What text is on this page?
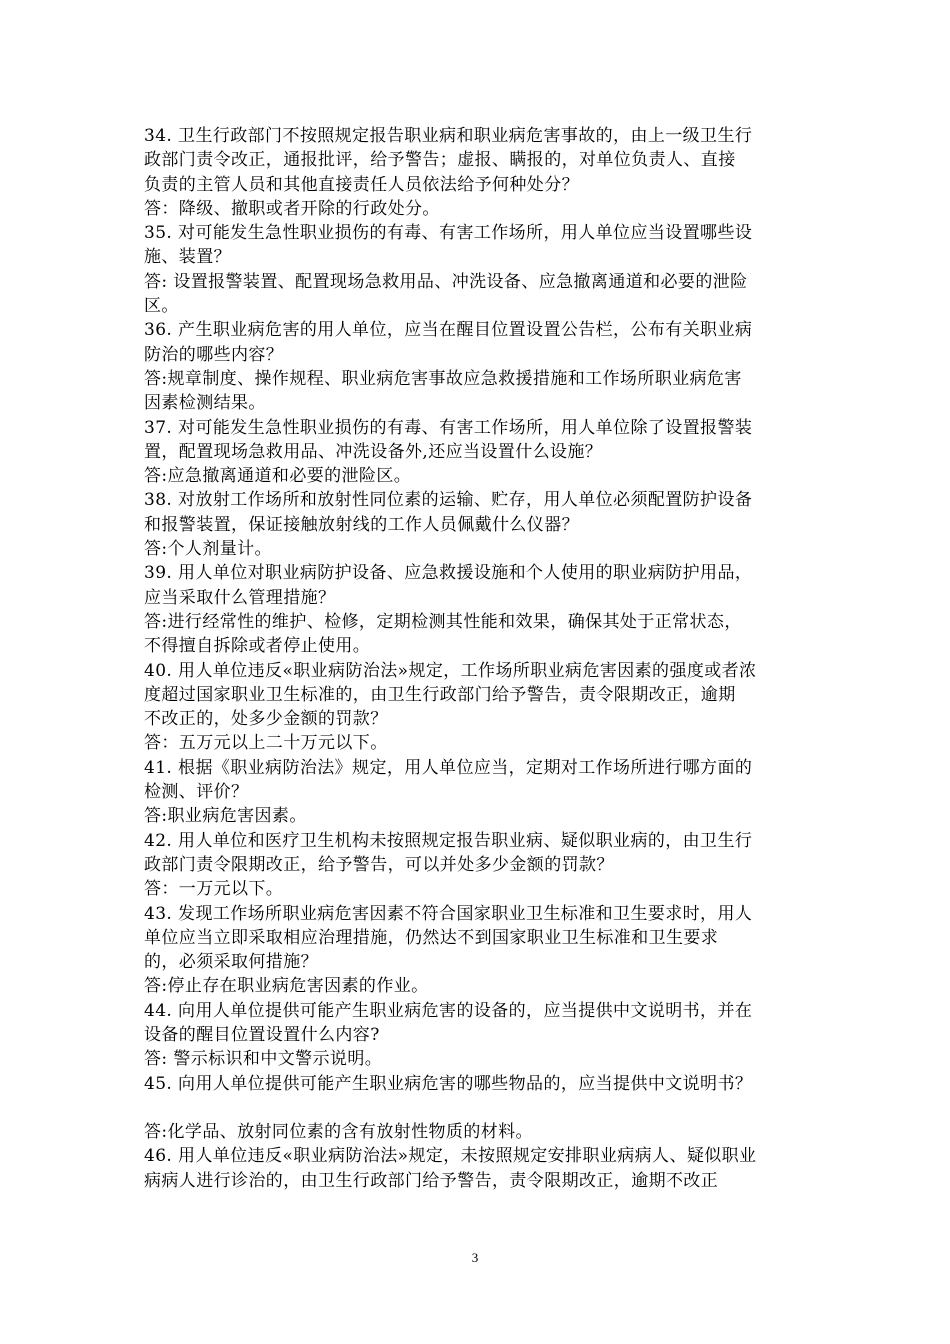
34. 卫生行政部门不按照规定报告职业病和职业病危害事故的，由上一级卫生行
政部门责令改正，通报批评，给予警告；虚报、瞒报的，对单位负责人、直接
负责的主管人员和其他直接责任人员依法给予何种处分？
答：降级、撤职或者开除的行政处分。
35. 对可能发生急性职业损伤的有毒、有害工作场所，用人单位应当设置哪些设
施、装置？
答: 设置报警装置、配置现场急救用品、冲洗设备、应急撤离通道和必要的泄险
区。
36. 产生职业病危害的用人单位，应当在醒目位置设置公告栏，公布有关职业病
防治的哪些内容？
答:规章制度、操作规程、职业病危害事故应急救援措施和工作场所职业病危害
因素检测结果。
37. 对可能发生急性职业损伤的有毒、有害工作场所，用人单位除了设置报警装
置，配置现场急救用品、冲洗设备外,还应当设置什么设施？
答:应急撤离通道和必要的泄险区。
38. 对放射工作场所和放射性同位素的运输、贮存，用人单位必须配置防护设备
和报警装置，保证接触放射线的工作人员佩戴什么仪器？
答:个人剂量计。
39. 用人单位对职业病防护设备、应急救援设施和个人使用的职业病防护用品，
应当采取什么管理措施？
答:进行经常性的维护、检修，定期检测其性能和效果，确保其处于正常状态，
不得擅自拆除或者停止使用。
40. 用人单位违反«职业病防治法»规定，工作场所职业病危害因素的强度或者浓
度超过国家职业卫生标准的，由卫生行政部门给予警告，责令限期改正，逾期
不改正的，处多少金额的罚款？
答：五万元以上二十万元以下。
41. 根据《职业病防治法》规定，用人单位应当，定期对工作场所进行哪方面的
检测、评价？
答:职业病危害因素。
42. 用人单位和医疗卫生机构未按照规定报告职业病、疑似职业病的，由卫生行
政部门责令限期改正，给予警告，可以并处多少金额的罚款？
答：一万元以下。
43. 发现工作场所职业病危害因素不符合国家职业卫生标准和卫生要求时，用人
单位应当立即采取相应治理措施，仍然达不到国家职业卫生标准和卫生要求
的，必须采取何措施？
答:停止存在职业病危害因素的作业。
44. 向用人单位提供可能产生职业病危害的设备的，应当提供中文说明书，并在
设备的醒目位置设置什么内容?
答: 警示标识和中文警示说明。
45. 向用人单位提供可能产生职业病危害的哪些物品的，应当提供中文说明书？
答:化学品、放射同位素的含有放射性物质的材料。
46. 用人单位违反«职业病防治法»规定，未按照规定安排职业病病人、疑似职业
病病人进行诊治的，由卫生行政部门给予警告，责令限期改正，逾期不改正
3
